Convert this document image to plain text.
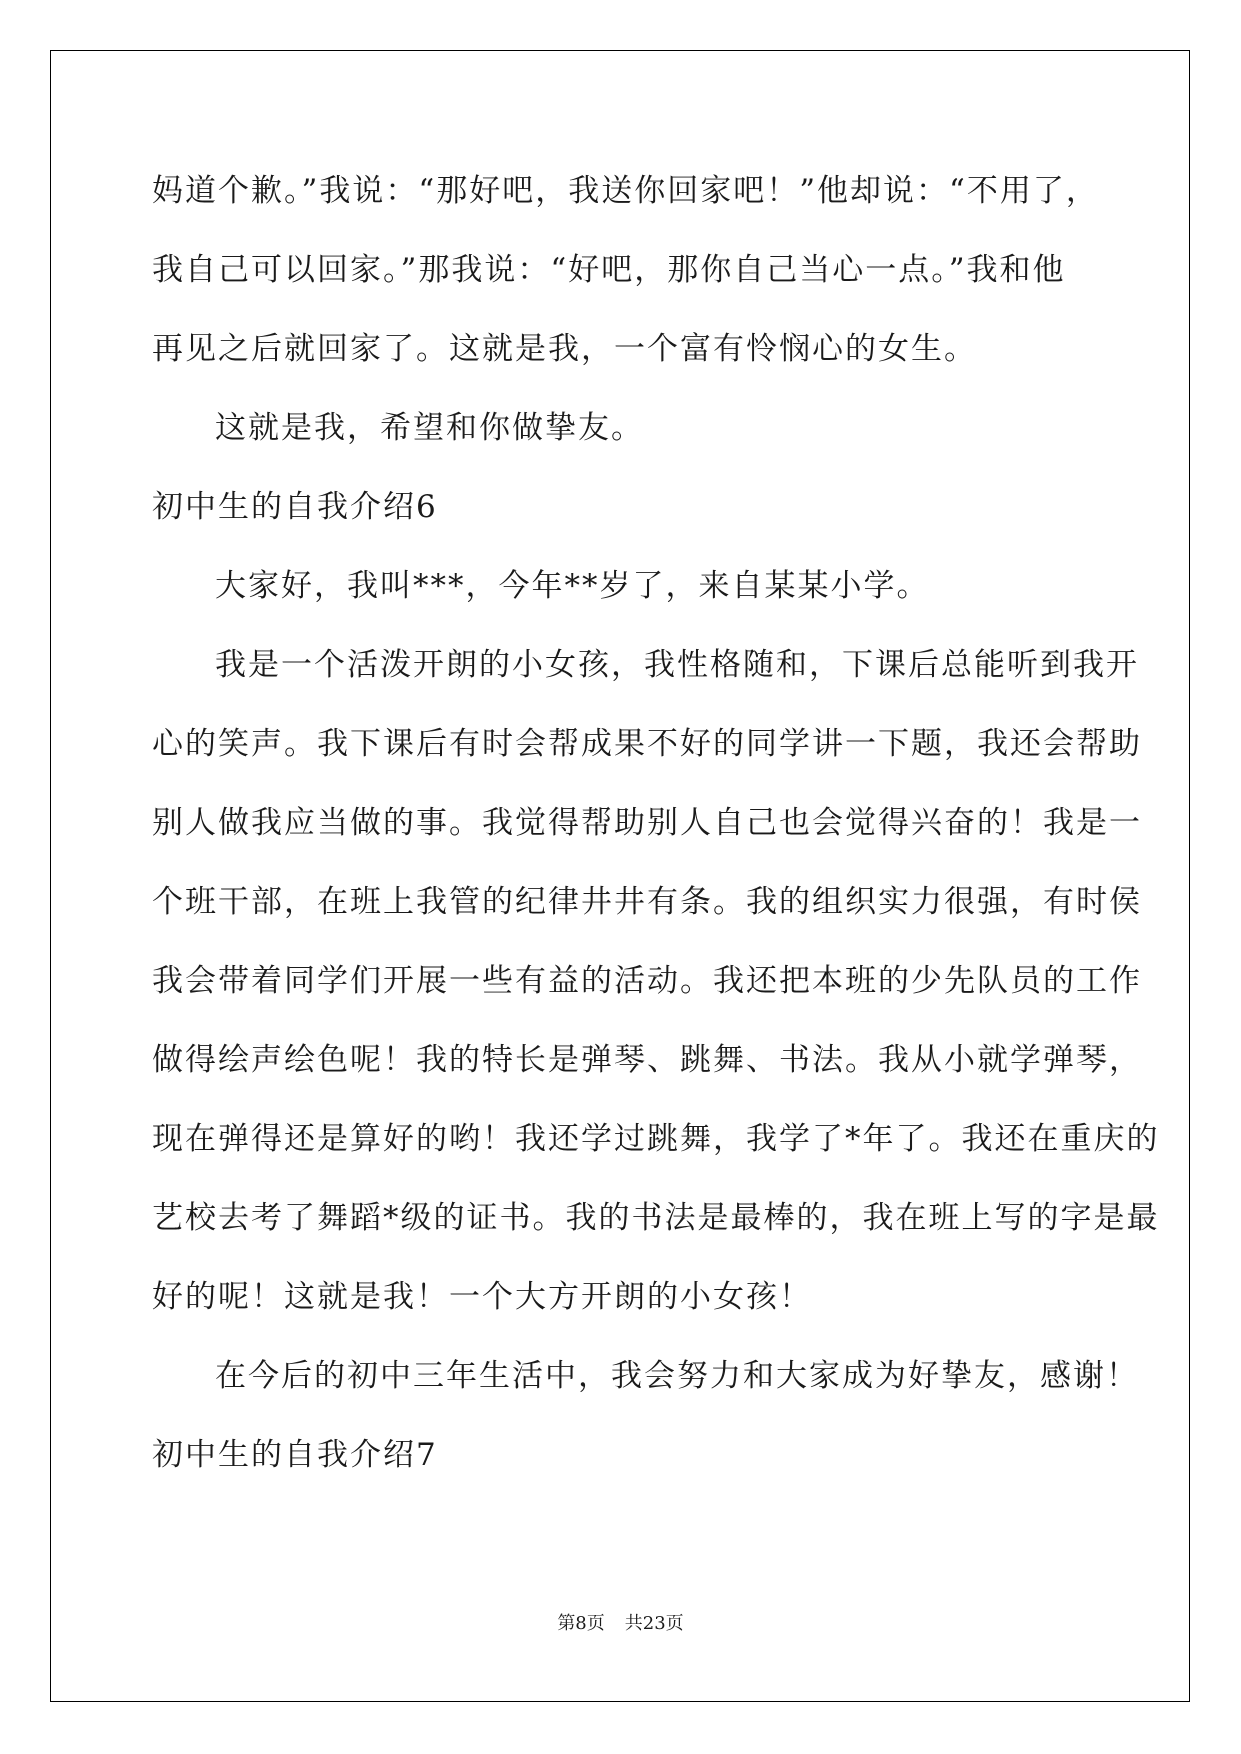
妈道个歉。”我说：“那好吧，我送你回家吧！”他却说：“不用了，
我自己可以回家。”那我说：“好吧，那你自己当心一点。”我和他
再见之后就回家了。这就是我，一个富有怜悯心的女生。
这就是我，希望和你做挚友。
初中生的自我介绍6
大家好，我叫***，今年**岁了，来自某某小学。
我是一个活泼开朗的小女孩，我性格随和，下课后总能听到我开
心的笑声。我下课后有时会帮成果不好的同学讲一下题，我还会帮助
别人做我应当做的事。我觉得帮助别人自己也会觉得兴奋的！我是一
个班干部，在班上我管的纪律井井有条。我的组织实力很强，有时侯
我会带着同学们开展一些有益的活动。我还把本班的少先队员的工作
做得绘声绘色呢！我的特长是弹琴、跳舞、书法。我从小就学弹琴，
现在弹得还是算好的哟！我还学过跳舞，我学了*年了。我还在重庆的
艺校去考了舞蹈*级的证书。我的书法是最棒的，我在班上写的字是最
好的呢！这就是我！一个大方开朗的小女孩！
在今后的初中三年生活中，我会努力和大家成为好挚友，感谢！
初中生的自我介绍7
第8页 共23页
